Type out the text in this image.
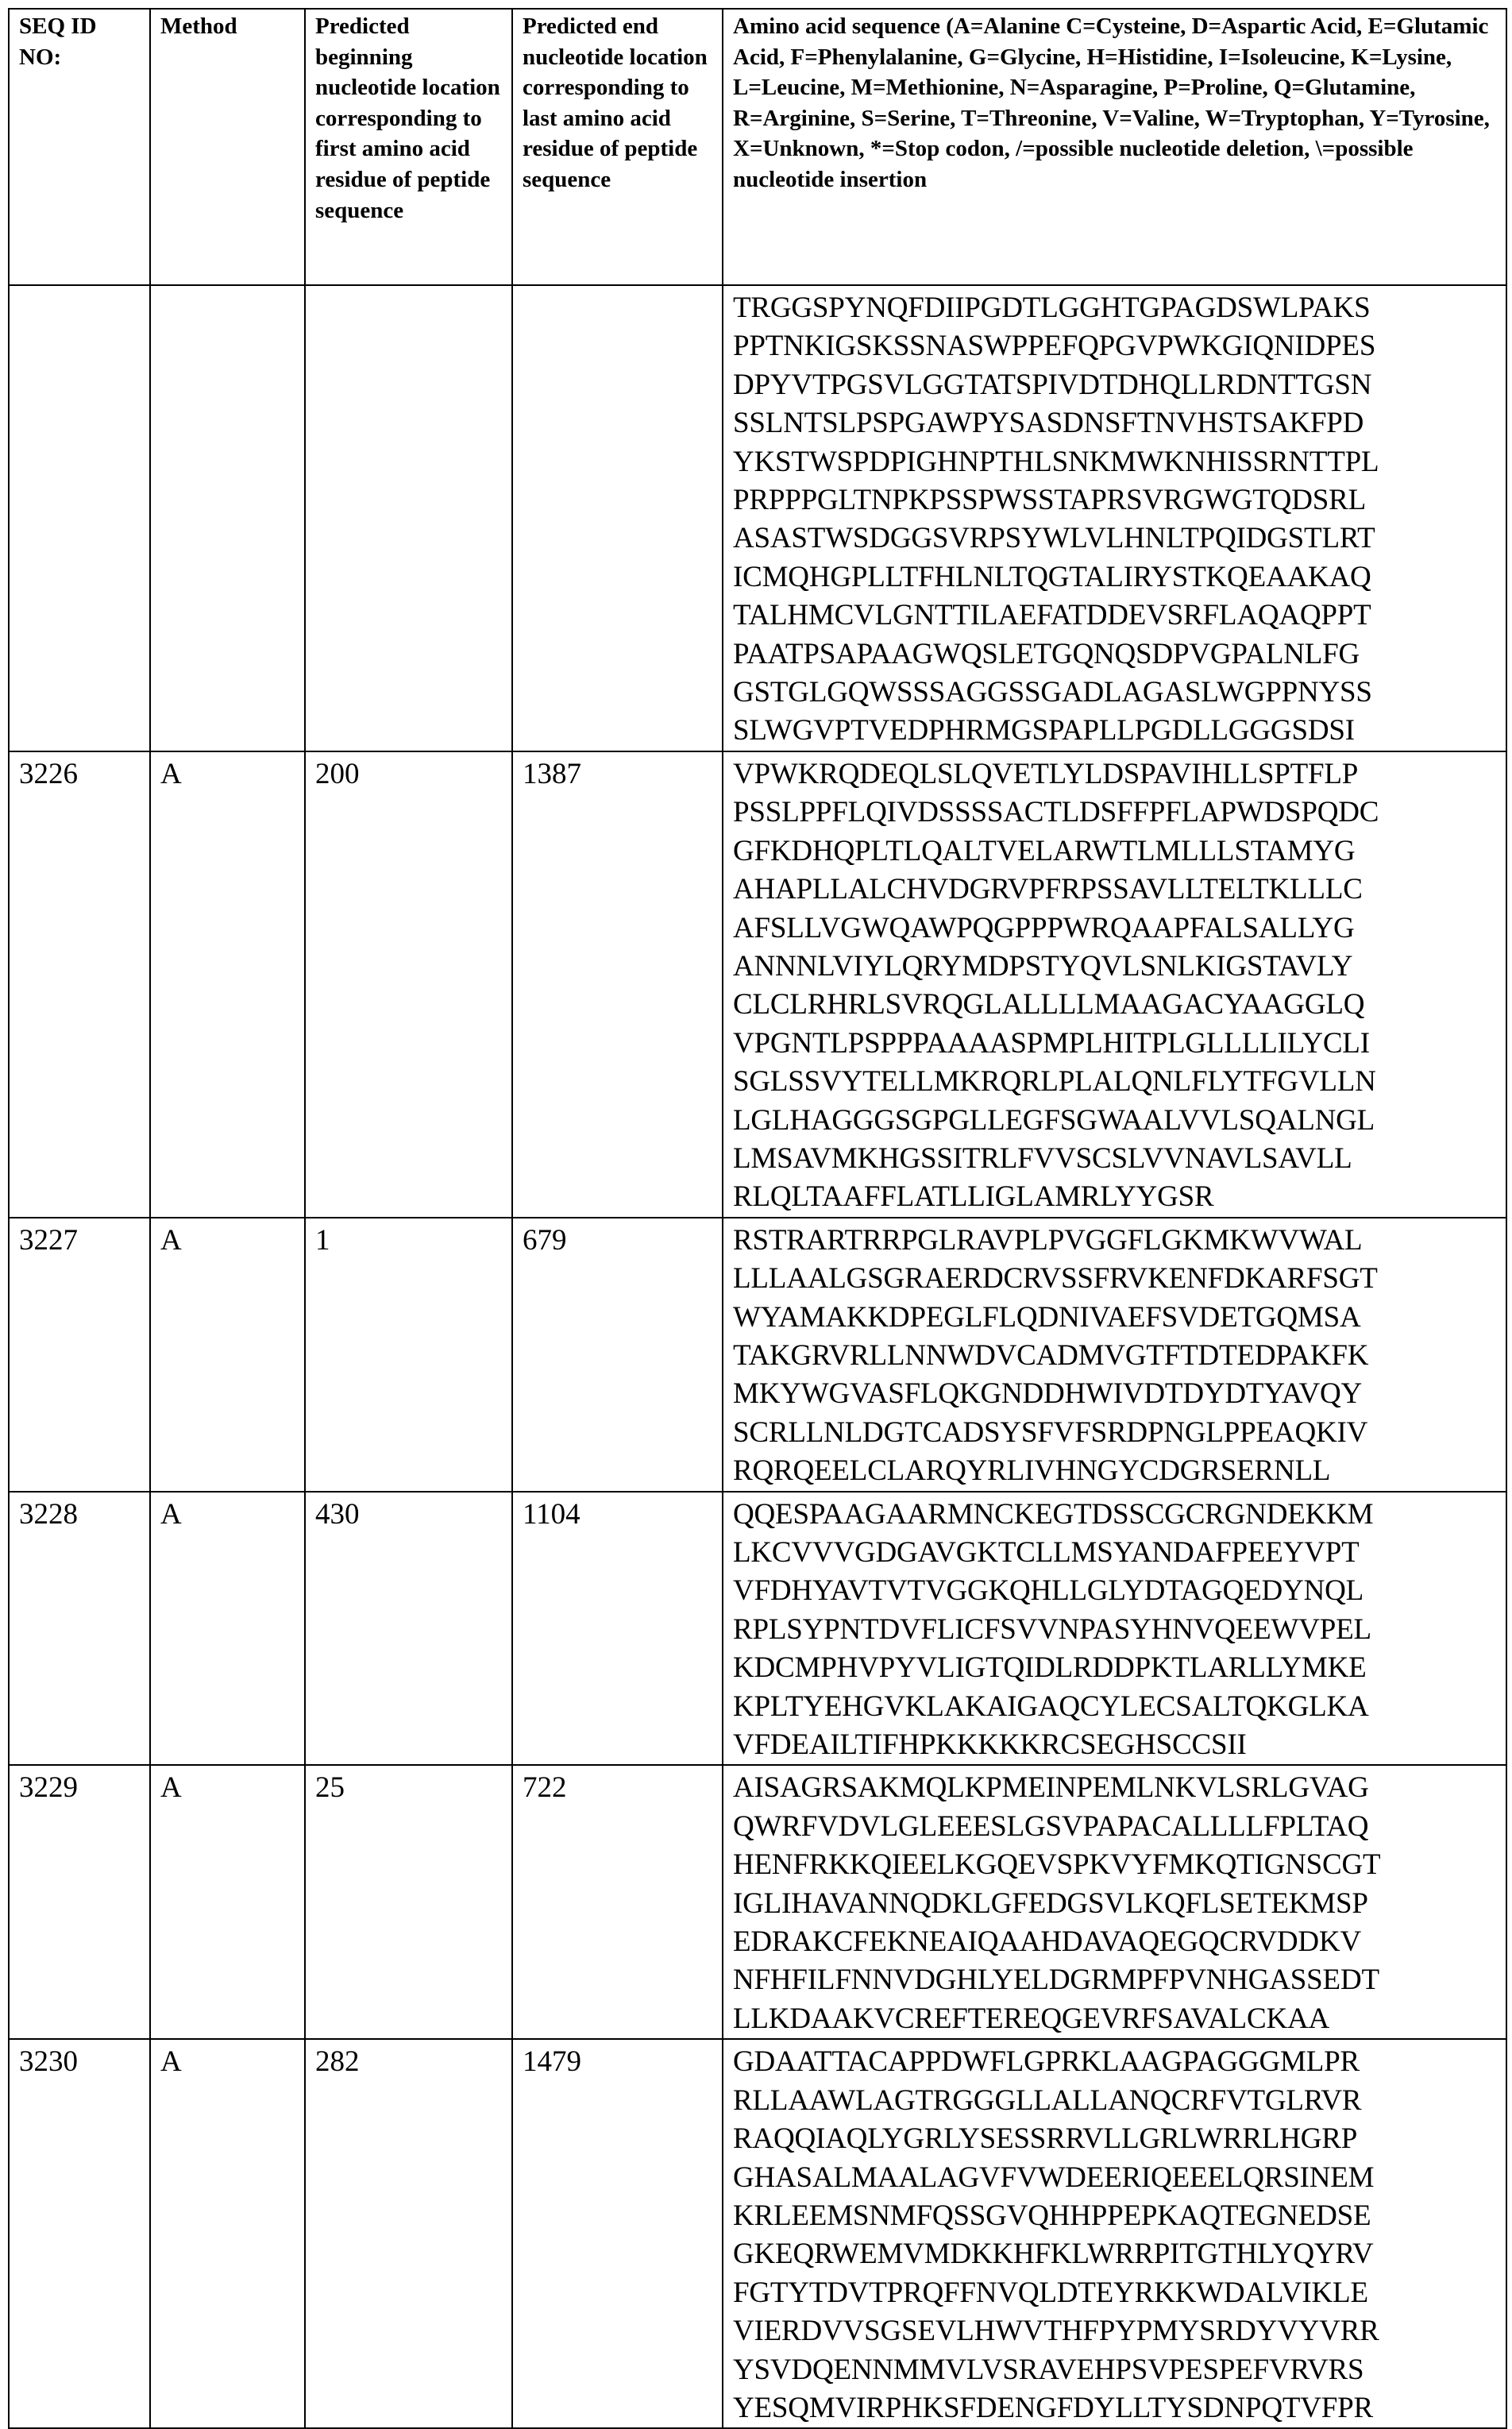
SEQ ID NO:	Method	Predicted beginning nucleotide location corresponding to first amino acid residue of peptide sequence	Predicted end nucleotide location corresponding to last amino acid residue of peptide sequence	Amino acid sequence (A=Alanine C=Cysteine, D=Aspartic Acid, E=Glutamic Acid, F=Phenylalanine, G=Glycine, H=Histidine, I=Isoleucine, K=Lysine, L=Leucine, M=Methionine, N=Asparagine, P=Proline, Q=Glutamine, R=Arginine, S=Serine, T=Threonine, V=Valine, W=Tryptophan, Y=Tyrosine, X=Unknown, *=Stop codon, /=possible nucleotide deletion, \=possible nucleotide insertion

TRGGSPYNQFDIIPGDTLGGHTGPAGDSWLPAKS
PPTNKIGSKSSNASWPPEFQPGVPWKGIQNIDPES
DPYVTPGSVLGGTATSPIVDTDHQLLRDNTTGSN
SSLNTSLPSPGAWPYSASDNSFTNVHSTSAKFPD
YKSTWSPDPIGHNPTHLSNKMWKNHISSRNTTPL
PRPPPGLTNPKPSSPWSSTAPRSVRGWGTQDSRL
ASASTWSDGGSVRPSYWLVLHNLTPQIDGSTLRT
ICMQHGPLLTFHLNLTQGTALIRYSTKQEAAKAQ
TALHMCVLGNTTILAEFATDDEVSRFLAQAQPPT
PAATPSAPAAGWQSLETGQNQSDPVGPALNLFG
GSTGLGQWSSSAGGSSGADLAGASLWGPPNYSS
SLWGVPTVEDPHRMGSPAPLLPGDLLGGGSDSI

3226	A	200	1387	VPWKRQDEQLSLQVETLYLDSPAVIHLLSPTFLP
PSSLPPFLQIVDSSSSACTLDSFFPFLAPWDSPQDC
GFKDHQPLTLQALTVELARWTLMLLLSTAMYG
AHAPLLALCHVDGRVPFRPSSAVLLTELTKLLLC
AFSLLVGWQAWPQGPPPWRQAAPFALSALLYG
ANNNLVIYLQRYMDPSTYQVLSNLKIGSTAVLY
CLCLRHRLSVRQGLALLLLMAAGACYAAGGLQ
VPGNTLPSPPPAAAASPMPLHITPLGLLLLILYCLI
SGLSSVYTELLMKRQRLPLALQNLFLYTFGVLLN
LGLHAGGGSGPGLLEGFSGWAALVVLSQALNGL
LMSAVMKHGSSITRLFVVSCSLVVNAVLSAVLL
RLQLTAAFFLATLLIGLAMRLYYGSR

3227	A	1	679	RSTRARTRRPGLRAVPLPVGGFLGKMKWVWAL
LLLAALGSGRAERDCRVSSFRVKENFDKARFSGT
WYAMAKKDPEGLFLQDNIVAEFSVDETGQMSA
TAKGRVRLLNNWDVCADMVGTFTDTEDPAKFK
MKYWGVASFLQKGNDDHWIVDTDYDTYAVQY
SCRLLNLDGTCADSYSFVFSRDPNGLPPEAQKIV
RQRQEELCLARQYRLIVHNGYCDGRSERNLL

3228	A	430	1104	QQESPAAGAARMNCKEGTDSSCGCRGNDEKKM
LKCVVVGDGAVGKTCLLMSYANDAFPEEYVPT
VFDHYAVTVTVGGKQHLLGLYDTAGQEDYNQL
RPLSYPNTDVFLICFSVVNPASYHNVQEEWVPEL
KDCMPHVPYVLIGTQIDLRDDPKTLARLLYMKE
KPLTYEHGVKLAKAIGAQCYLECSALTQKGLKA
VFDEAILTIFHPKKKKKRCSEGHSCCSII

3229	A	25	722	AISAGRSAKMQLKPMEINPEMLNKVLSRLGVAG
QWRFVDVLGLEEESLGSVPAPACALLLLFPLTAQ
HENFRKKQIEELKGQEVSPKVYFMKQTIGNSCGT
IGLIHAVANNQDKLGFEDGSVLKQFLSETEKMSP
EDRAKCFEKNEAIQAAHDAVAQEGQCRVDDKV
NFHFILFNNVDGHLYELDGRMPFPVNHGASSEDT
LLKDAAKVCREFTEREQGEVRFSAVALCKAA

3230	A	282	1479	GDAATTACAPPDWFLGPRKLAAGPAGGGMLPR
RLLAAWLAGTRGGGLLALLANQCRFVTGLRVR
RAQQIAQLYGRLYSESSRRVLLGRLWRRLHGRP
GHASALMAALAGVFVWDEERIQEEELQRSINEM
KRLEEMSNMFQSSGVQHHPPEPKAQTEGNEDSE
GKEQRWEMVMDKKHFKLWRRPITGTHLYQYRV
FGTYTDVTPRQFFNVQLDTEYRKKWDALVIKLE
VIERDVVSGSEVLHWVTHFPYPMYSRDYVYVRR
YSVDQENNMMVLVSRAVEHPSVPESPEFVRVRS
YESQMVIRPHKSFDENGFDYLLTYSDNPQTVFPR
